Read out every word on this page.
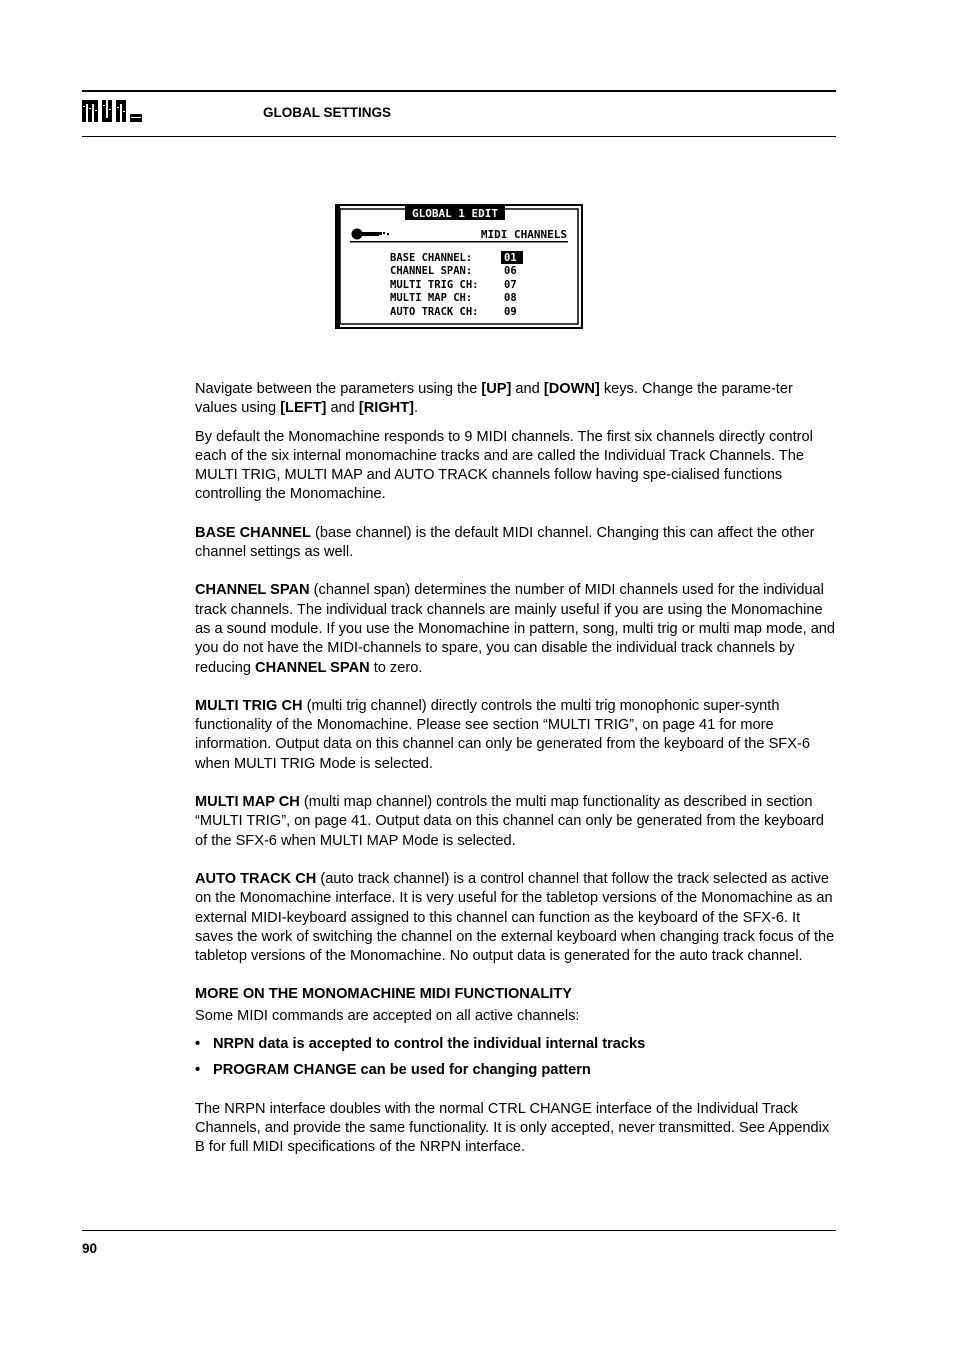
GLOBAL SETTINGS
GLOBAL 1 EDIT
MIDI CHANNELS
BASE CHANNEL:	01
CHANNEL SPAN:	06
MULTI TRIG CH: 07
MULTI MAP CH:	08
AUTO TRACK CH: 09

Navigate between the parameters using the [UP] and [DOWN] keys. Change the parame-ter values using [LEFT] and [RIGHT].

By default the Monomachine responds to 9 MIDI channels. The first six channels directly control each of the six internal monomachine tracks and are called the Individual Track Channels. The MULTI TRIG, MULTI MAP and AUTO TRACK channels follow having spe-cialised functions controlling the Monomachine.

BASE CHANNEL (base channel) is the default MIDI channel. Changing this can affect the other channel settings as well.

CHANNEL SPAN (channel span) determines the number of MIDI channels used for the individual track channels. The individual track channels are mainly useful if you are using the Monomachine as a sound module. If you use the Monomachine in pattern, song, multi trig or multi map mode, and you do not have the MIDI-channels to spare, you can disable the individual track channels by reducing CHANNEL SPAN to zero.

MULTI TRIG CH (multi trig channel) directly controls the multi trig monophonic super-synth functionality of the Monomachine. Please see section “MULTI TRIG”, on page 41 for more information. Output data on this channel can only be generated from the keyboard of the SFX-6 when MULTI TRIG Mode is selected.

MULTI MAP CH (multi map channel) controls the multi map functionality as described in section “MULTI TRIG”, on page 41. Output data on this channel can only be generated from the keyboard of the SFX-6 when MULTI MAP Mode is selected.

AUTO TRACK CH (auto track channel) is a control channel that follow the track selected as active on the Monomachine interface. It is very useful for the tabletop versions of the Monomachine as an external MIDI-keyboard assigned to this channel can function as the keyboard of the SFX-6. It saves the work of switching the channel on the external keyboard when changing track focus of the tabletop versions of the Monomachine. No output data is generated for the auto track channel.

MORE ON THE MONOMACHINE MIDI FUNCTIONALITY

Some MIDI commands are accepted on all active channels:

• NRPN data is accepted to control the individual internal tracks
• PROGRAM CHANGE can be used for changing pattern

The NRPN interface doubles with the normal CTRL CHANGE interface of the Individual Track Channels, and provide the same functionality. It is only accepted, never transmitted. See Appendix B for full MIDI specifications of the NRPN interface.

90
